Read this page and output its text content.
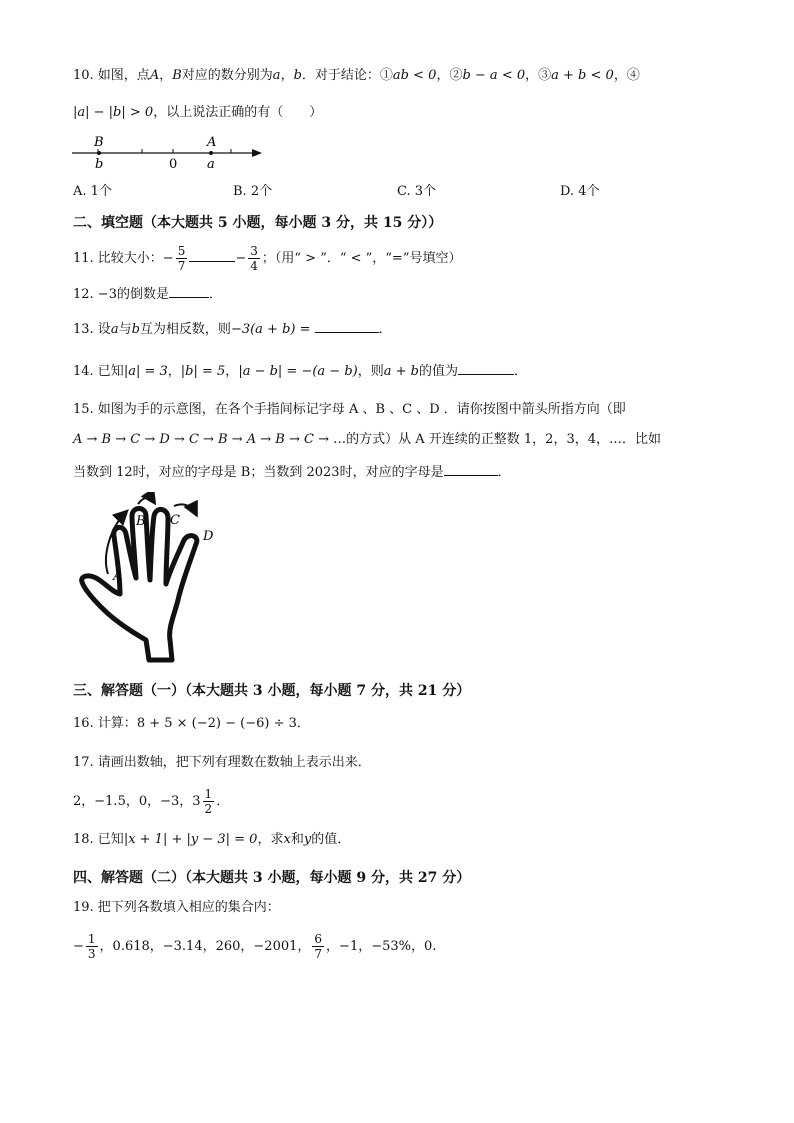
10. 如图，点A，B对应的数分别为a，b．对于结论：①ab < 0，②b − a < 0，③a + b < 0，④
|a| − |b| > 0，以上说法正确的有（　　）
B
b	0
A
a
A. 1个	B. 2个	C. 3个	D. 4个
二、填空题（本大题共 5 小题，每小题 3 分，共 15 分））
11. 比较大小：− $\frac{5}{7}$	− $\frac{3}{4}$ ；（用“ > ”．“ < ”，“=”号填空）
12. −3的倒数是	．
13. 设a与b互为相反数，则−3(a + b) =	．
14. 已知|a| = 3，|b| = 5，|a − b| = −(a − b)，则a + b的值为	．
15. 如图为手的示意图，在各个手指间标记字母 A 、B 、C 、D ．请你按图中箭头所指方向（即
A → B → C → D → C → B → A → B → C → …的方式）从 A 开连续的正整数 1，2，3，4，…．比如
当数到 12时，对应的字母是 B；当数到 2023时，对应的字母是	．
A
B C
D
三、解答题（一）（本大题共 3 小题，每小题 7 分，共 21 分）
16. 计算：8 + 5 × (−2) − (−6) ÷ 3．
17. 请画出数轴，把下列有理数在数轴上表示出来．
2，−1.5，0，−3，$3 \frac{1}{2}$ ．
18. 已知|x + 1| + |y − 3| = 0，求x和y的值．
四、解答题（二）（本大题共 3 小题，每小题 9 分，共 27 分）
19. 把下列各数填入相应的集合内：
− $\frac{1}{3}$ ，0.618，−3.14，260，−2001， $\frac{6}{7}$ ，−1，−53%，0.
